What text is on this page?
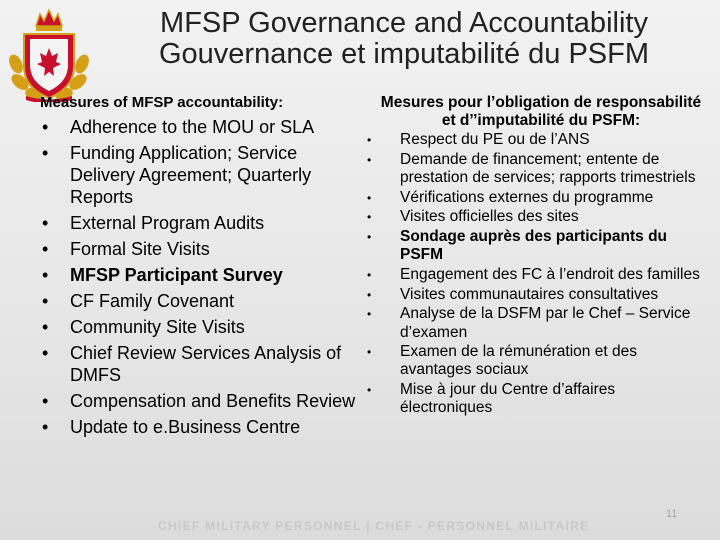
MFSP Governance and Accountability
Gouvernance et imputabilité du PSFM
Measures of MFSP accountability:
• Adherence to the MOU or SLA
• Funding Application; Service Delivery Agreement; Quarterly Reports
• External Program Audits
• Formal Site Visits
• MFSP Participant Survey
• CF Family Covenant
• Community Site Visits
• Chief Review Services Analysis of DMFS
• Compensation and Benefits Review
• Update to e.Business Centre
Mesures pour l’obligation de responsabilité et d’’imputabilité du PSFM:
• Respect du PE ou de l’ANS
• Demande de financement; entente de prestation de services; rapports trimestriels
• Vérifications externes du programme
• Visites officielles des sites
• Sondage auprès des participants du PSFM
• Engagement des FC à l’endroit des familles
• Visites communautaires consultatives
• Analyse de la DSFM par le Chef – Service d’examen
• Examen de la rémunération et des avantages sociaux
• Mise à jour du Centre d’affaires électroniques
CHIEF MILITARY PERSONNEL | CHEF - PERSONNEL MILITAIRE
11
